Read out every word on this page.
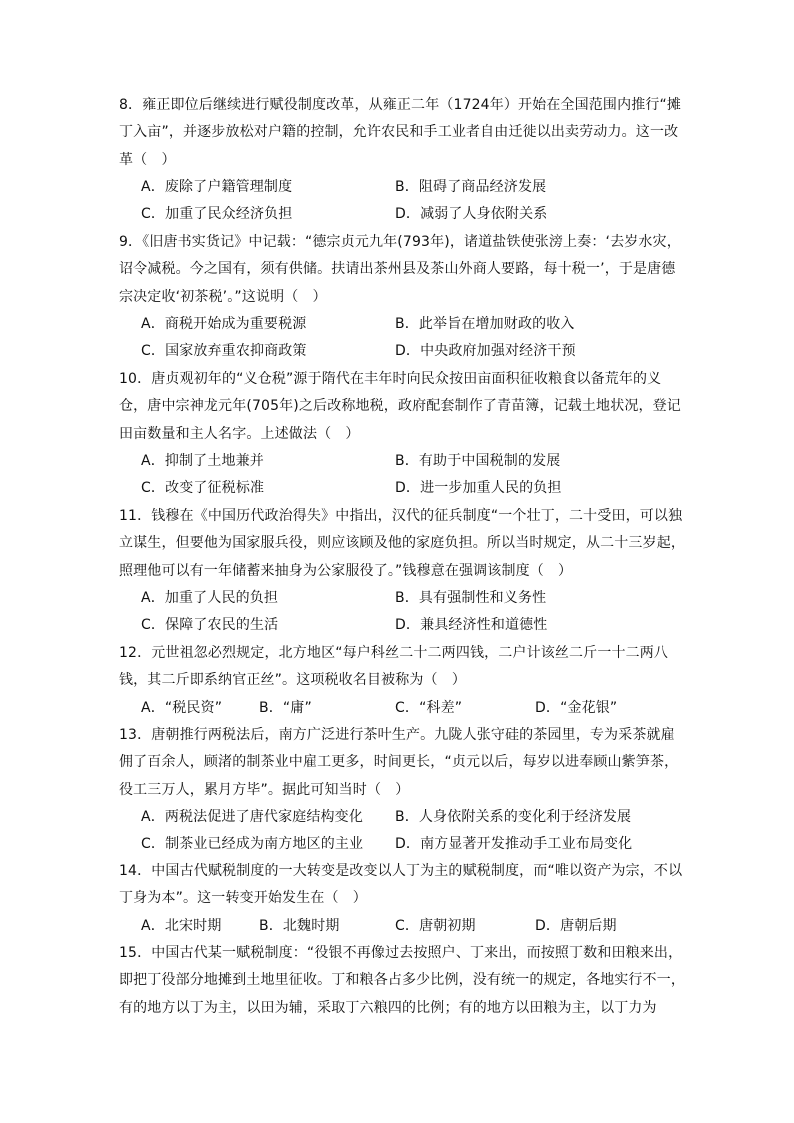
8．雍正即位后继续进行赋役制度改革，从雍正二年（1724年）开始在全国范围内推行“摊丁入亩”，并逐步放松对户籍的控制，允许农民和手工业者自由迁徙以出卖劳动力。这一改革（　）
A．废除了户籍管理制度	B．阻碍了商品经济发展
C．加重了民众经济负担	D．减弱了人身依附关系
9．《旧唐书实货记》中记载：“德宗贞元九年(793年)，诸道盐铁使张滂上奏：‘去岁水灾，诏令减税。今之国有，须有供储。扶请出茶州县及茶山外商人要路，每十税一’，于是唐德宗决定收‘初茶税’。”这说明（　）
A．商税开始成为重要税源	B．此举旨在增加财政的收入
C．国家放弃重农抑商政策	D．中央政府加强对经济干预
10．唐贞观初年的“义仓税”源于隋代在丰年时向民众按田亩面积征收粮食以备荒年的义仓，唐中宗神龙元年(705年)之后改称地税，政府配套制作了青苗簿，记载土地状况，登记田亩数量和主人名字。上述做法（　）
A．抑制了土地兼并	B．有助于中国税制的发展
C．改变了征税标准	D．进一步加重人民的负担
11．钱穆在《中国历代政治得失》中指出，汉代的征兵制度“一个壮丁，二十受田，可以独立谋生，但要他为国家服兵役，则应该顾及他的家庭负担。所以当时规定，从二十三岁起，照理他可以有一年储蓄来抽身为公家服役了。”钱穆意在强调该制度（　）
A．加重了人民的负担	B．具有强制性和义务性
C．保障了农民的生活	D．兼具经济性和道德性
12．元世祖忽必烈规定，北方地区“每户科丝二十二两四钱，二户计该丝二斤一十二两八钱，其二斤即系纳官正丝”。这项税收名目被称为（　）
A．“税民资”	B．“庸”	C．“科差”	D．“金花银”
13．唐朝推行两税法后，南方广泛进行茶叶生产。九陇人张守硅的茶园里，专为采茶就雇佣了百余人，顾渚的制茶业中雇工更多，时间更长，“贞元以后，每岁以进奉顾山紫笋茶，役工三万人，累月方毕”。据此可知当时（　）
A．两税法促进了唐代家庭结构变化 B．人身依附关系的变化利于经济发展
C．制茶业已经成为南方地区的主业 D．南方显著开发推动手工业布局变化
14．中国古代赋税制度的一大转变是改变以人丁为主的赋税制度，而“唯以资产为宗，不以丁身为本”。这一转变开始发生在（　）
A．北宋时期	B．北魏时期	C．唐朝初期	D．唐朝后期
15．中国古代某一赋税制度：“役银不再像过去按照户、丁来出，而按照丁数和田粮来出，即把丁役部分地摊到土地里征收。丁和粮各占多少比例，没有统一的规定，各地实行不一，有的地方以丁为主，以田为辅，采取丁六粮四的比例；有的地方以田粮为主，以丁力为
